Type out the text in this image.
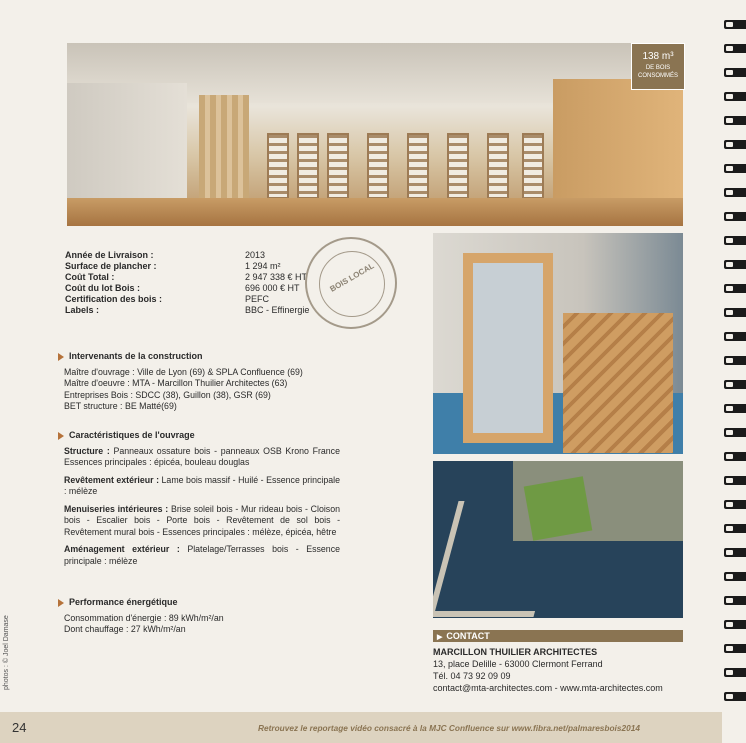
138 m³
DE BOIS CONSOMMÉS
Année de Livraison :	2013
Surface de plancher :	1 294 m²
Coût Total :	2 947 338 € HT
Coût du lot Bois :	696 000 € HT
Certification des bois :	PEFC
Labels :	BBC - Effinergie
BOIS LOCAL
Intervenants de la construction
Maître d'ouvrage : Ville de Lyon (69) & SPLA Confluence (69)
Maître d'oeuvre : MTA - Marcillon Thuilier Architectes (63)
Entreprises Bois : SDCC (38), Guillon (38), GSR (69)
BET structure : BE Matté(69)
Caractéristiques de l'ouvrage

Structure : Panneaux ossature bois - panneaux OSB Krono France Essences principales : épicéa, bouleau douglas

Revêtement extérieur : Lame bois massif - Huilé - Essence principale : mélèze

Menuiseries intérieures : Brise soleil bois - Mur rideau bois - Cloison bois - Escalier bois - Porte bois - Revêtement de sol bois - Revêtement mural bois - Essences principales : mélèze, épicéa, hêtre

Aménagement extérieur : Platelage/Terrasses bois - Essence principale : mélèze

Performance énergétique
Consommation d'énergie : 89 kWh/m²/an
Dont chauffage : 27 kWh/m²/an
▶ CONTACT
MARCILLON THUILIER ARCHITECTES
13, place Delille - 63000 Clermont Ferrand
Tél. 04 73 92 09 09
contact@mta-architectes.com - www.mta-architectes.com
photos : © Joel Damase
24	Retrouvez le reportage vidéo consacré à la MJC Confluence sur www.fibra.net/palmaresbois2014
